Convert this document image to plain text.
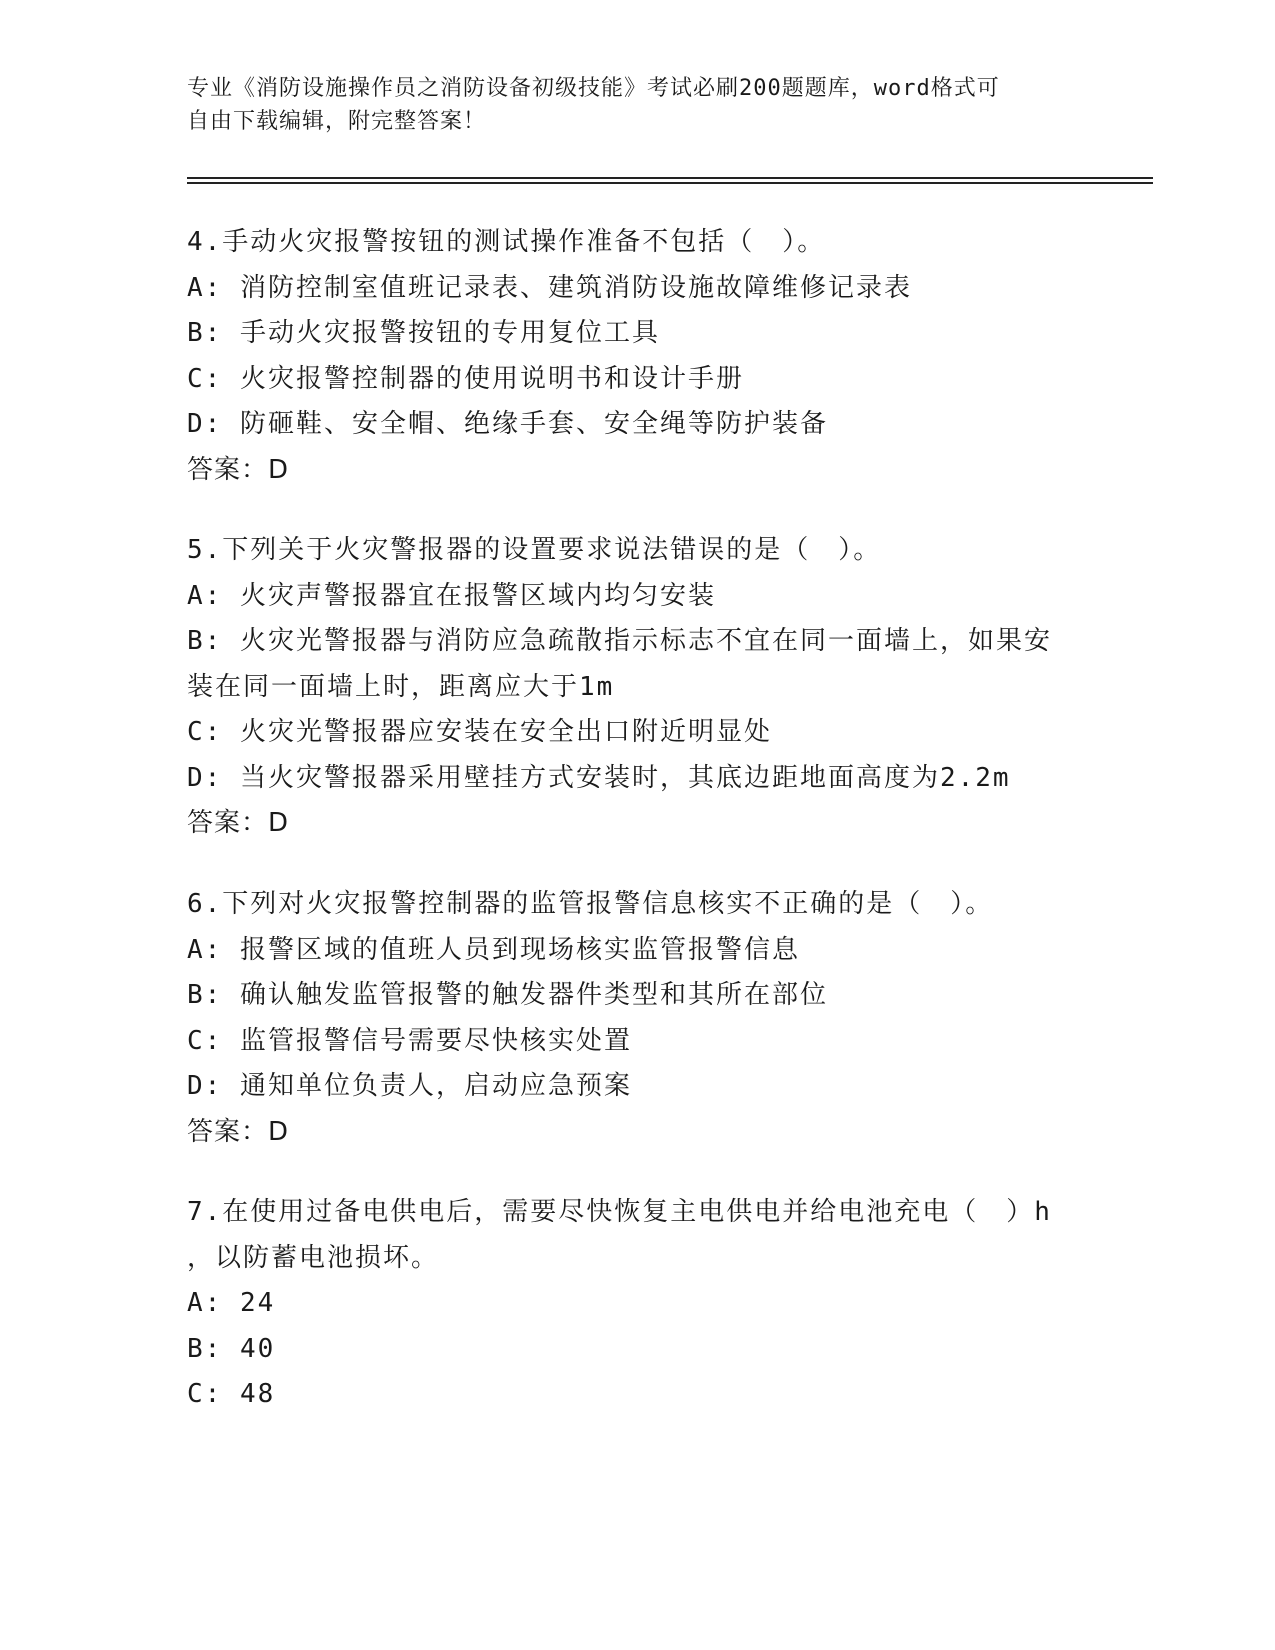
专业《消防设施操作员之消防设备初级技能》考试必刷200题题库，word格式可
自由下载编辑，附完整答案！
4.手动火灾报警按钮的测试操作准备不包括（　）。
A: 消防控制室值班记录表、建筑消防设施故障维修记录表
B: 手动火灾报警按钮的专用复位工具
C: 火灾报警控制器的使用说明书和设计手册
D: 防砸鞋、安全帽、绝缘手套、安全绳等防护装备
答案：D
5.下列关于火灾警报器的设置要求说法错误的是（　）。
A: 火灾声警报器宜在报警区域内均匀安装
B: 火灾光警报器与消防应急疏散指示标志不宜在同一面墙上，如果安
装在同一面墙上时，距离应大于1m
C: 火灾光警报器应安装在安全出口附近明显处
D: 当火灾警报器采用壁挂方式安装时，其底边距地面高度为2.2m
答案：D
6.下列对火灾报警控制器的监管报警信息核实不正确的是（　）。
A: 报警区域的值班人员到现场核实监管报警信息
B: 确认触发监管报警的触发器件类型和其所在部位
C: 监管报警信号需要尽快核实处置
D: 通知单位负责人，启动应急预案
答案：D
7.在使用过备电供电后，需要尽快恢复主电供电并给电池充电（　）h
，以防蓄电池损坏。
A: 24
B: 40
C: 48
